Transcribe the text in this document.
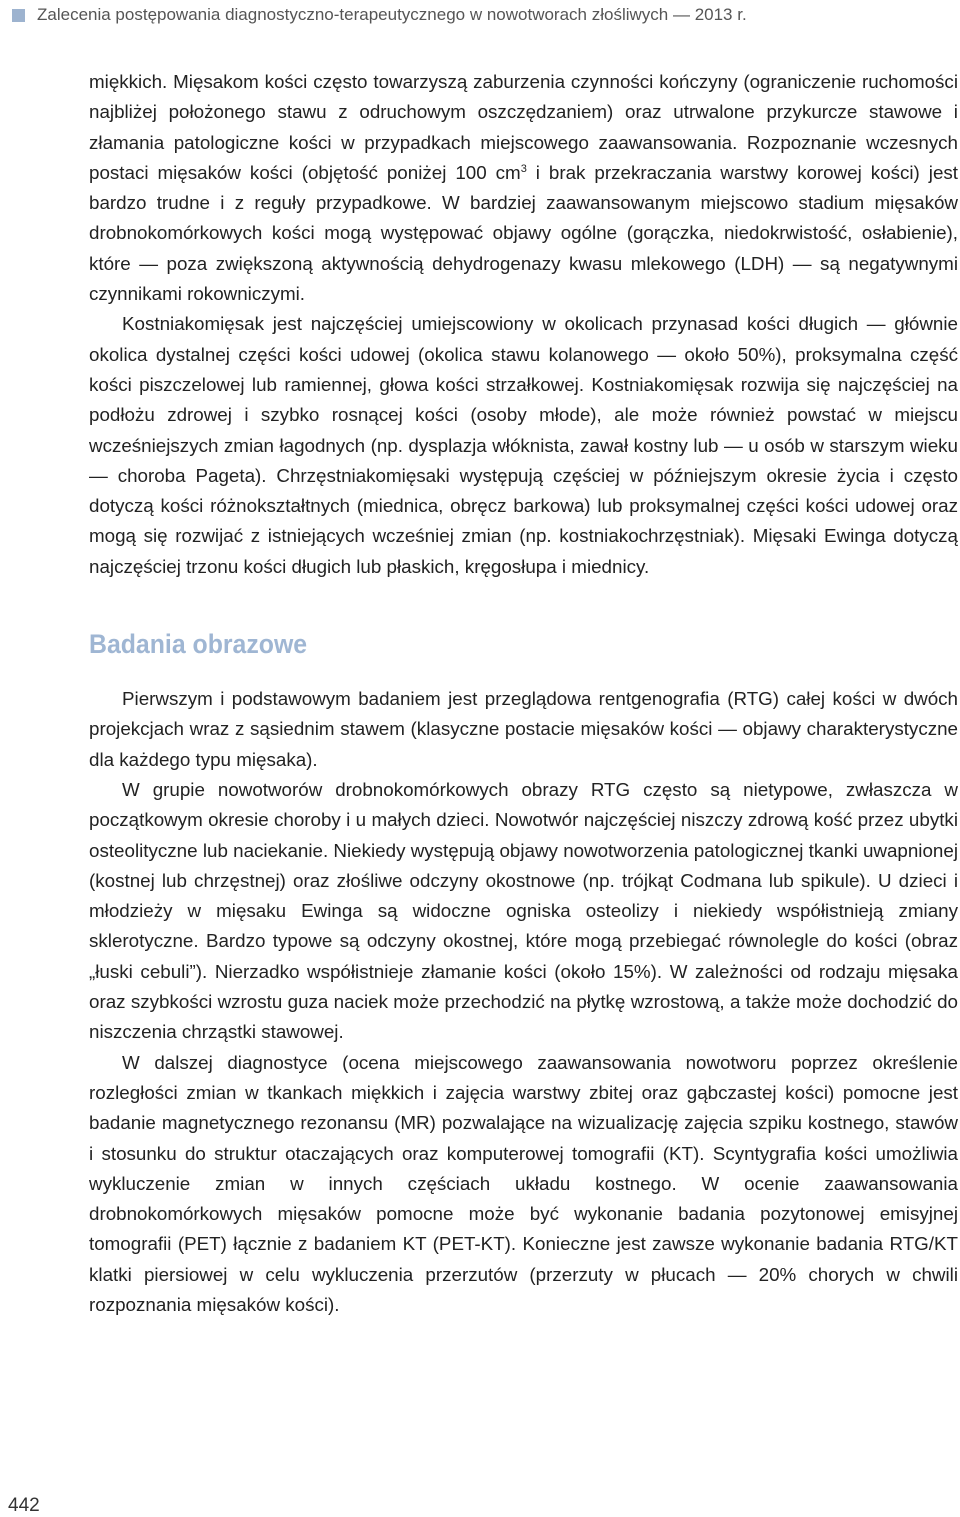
Zalecenia postępowania diagnostyczno-terapeutycznego w nowotworach złośliwych — 2013 r.

miękkich. Mięsakom kości często towarzyszą zaburzenia czynności kończyny (ograniczenie ruchomości najbliżej położonego stawu z odruchowym oszczędzaniem) oraz utrwalone przykurcze stawowe i złamania patologiczne kości w przypadkach miejscowego zaawansowania. Rozpoznanie wczesnych postaci mięsaków kości (objętość poniżej 100 $cm^3$ i brak przekraczania warstwy korowej kości) jest bardzo trudne i z reguły przypadkowe. W bardziej zaawansowanym miejscowo stadium mięsaków drobnokomórkowych kości mogą występować objawy ogólne (gorączka, niedokrwistość, osłabienie), które — poza zwiększoną aktywnością dehydrogenazy kwasu mlekowego (LDH) — są negatywnymi czynnikami rokowniczymi.

Kostniakomięsak jest najczęściej umiejscowiony w okolicach przynasad kości długich — głównie okolica dystalnej części kości udowej (okolica stawu kolanowego — około 50%), proksymalna część kości piszczelowej lub ramiennej, głowa kości strzałkowej. Kostniakomięsak rozwija się najczęściej na podłożu zdrowej i szybko rosnącej kości (osoby młode), ale może również powstać w miejscu wcześniejszych zmian łagodnych (np. dysplazja włóknista, zawał kostny lub — u osób w starszym wieku — choroba Pageta). Chrzęstniakomięsaki występują częściej w późniejszym okresie życia i często dotyczą kości różnokształtnych (miednica, obręcz barkowa) lub proksymalnej części kości udowej oraz mogą się rozwijać z istniejących wcześniej zmian (np. kostniakochrzęstniak). Mięsaki Ewinga dotyczą najczęściej trzonu kości długich lub płaskich, kręgosłupa i miednicy.

Badania obrazowe

Pierwszym i podstawowym badaniem jest przeglądowa rentgenografia (RTG) całej kości w dwóch projekcjach wraz z sąsiednim stawem (klasyczne postacie mięsaków kości — objawy charakterystyczne dla każdego typu mięsaka).

W grupie nowotworów drobnokomórkowych obrazy RTG często są nietypowe, zwłaszcza w początkowym okresie choroby i u małych dzieci. Nowotwór najczęściej niszczy zdrową kość przez ubytki osteolityczne lub naciekanie. Niekiedy występują objawy nowotworzenia patologicznej tkanki uwapnionej (kostnej lub chrzęstnej) oraz złośliwe odczyny okostnowe (np. trójkąt Codmana lub spikule). U dzieci i młodzieży w mięsaku Ewinga są widoczne ogniska osteolizy i niekiedy współistnieją zmiany sklerotyczne. Bardzo typowe są odczyny okostnej, które mogą przebiegać równolegle do kości (obraz „łuski cebuli”). Nierzadko współistnieje złamanie kości (około 15%). W zależności od rodzaju mięsaka oraz szybkości wzrostu guza naciek może przechodzić na płytkę wzrostową, a także może dochodzić do niszczenia chrząstki stawowej.

W dalszej diagnostyce (ocena miejscowego zaawansowania nowotworu poprzez określenie rozległości zmian w tkankach miękkich i zajęcia warstwy zbitej oraz gąbczastej kości) pomocne jest badanie magnetycznego rezonansu (MR) pozwalające na wizualizację zajęcia szpiku kostnego, stawów i stosunku do struktur otaczających oraz komputerowej tomografii (KT). Scyntygrafia kości umożliwia wykluczenie zmian w innych częściach układu kostnego. W ocenie zaawansowania drobnokomórkowych mięsaków pomocne może być wykonanie badania pozytonowej emisyjnej tomografii (PET) łącznie z badaniem KT (PET-KT). Konieczne jest zawsze wykonanie badania RTG/KT klatki piersiowej w celu wykluczenia przerzutów (przerzuty w płucach — 20% chorych w chwili rozpoznania mięsaków kości).

442
